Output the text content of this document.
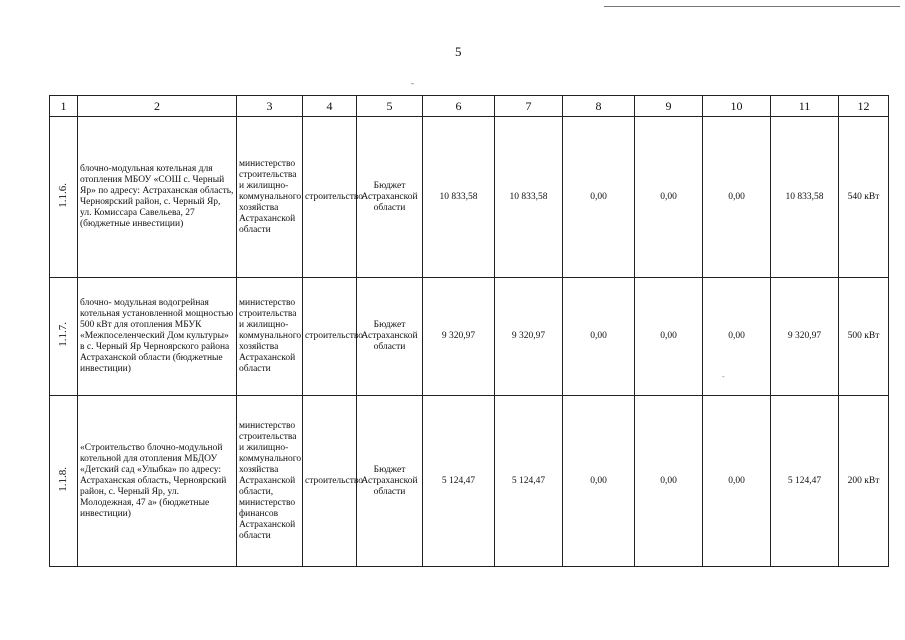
5
-
1	2	3	4	5	6	7	8	9	10	11	12
1.1.6.	блочно-модульная котельная для отопления МБОУ «СОШ с. Черный Яр» по адресу: Астраханская область, Черноярский район, с. Черный Яр, ул. Комиссара Савельева, 27 (бюджетные инвестиции)	министерство строительства и жилищно-коммунального хозяйства Астраханской области	строительство	Бюджет Астраханской области	10 833,58	10 833,58	0,00	0,00	0,00	10 833,58	540 кВт
1.1.7.	блочно- модульная водогрейная котельная установленной мощностью 500 кВт для отопления МБУК «Межпоселенческий Дом культуры» в с. Черный Яр Черноярского района Астраханской области (бюджетные инвестиции)	министерство строительства и жилищно-коммунального хозяйства Астраханской области	строительство	Бюджет Астраханской области	9 320,97	9 320,97	0,00	0,00	0,00	9 320,97	500 кВт
1.1.8.	«Строительство блочно-модульной котельной для отопления МБДОУ «Детский сад «Улыбка» по адресу: Астраханская область, Черноярский район, с. Черный Яр, ул. Молодежная, 47 а» (бюджетные инвестиции)	министерство строительства и жилищно-коммунального хозяйства Астраханской области, министерство финансов Астраханской области	строительство	Бюджет Астраханской области	5 124,47	5 124,47	0,00	0,00	0,00	5 124,47	200 кВт
-
